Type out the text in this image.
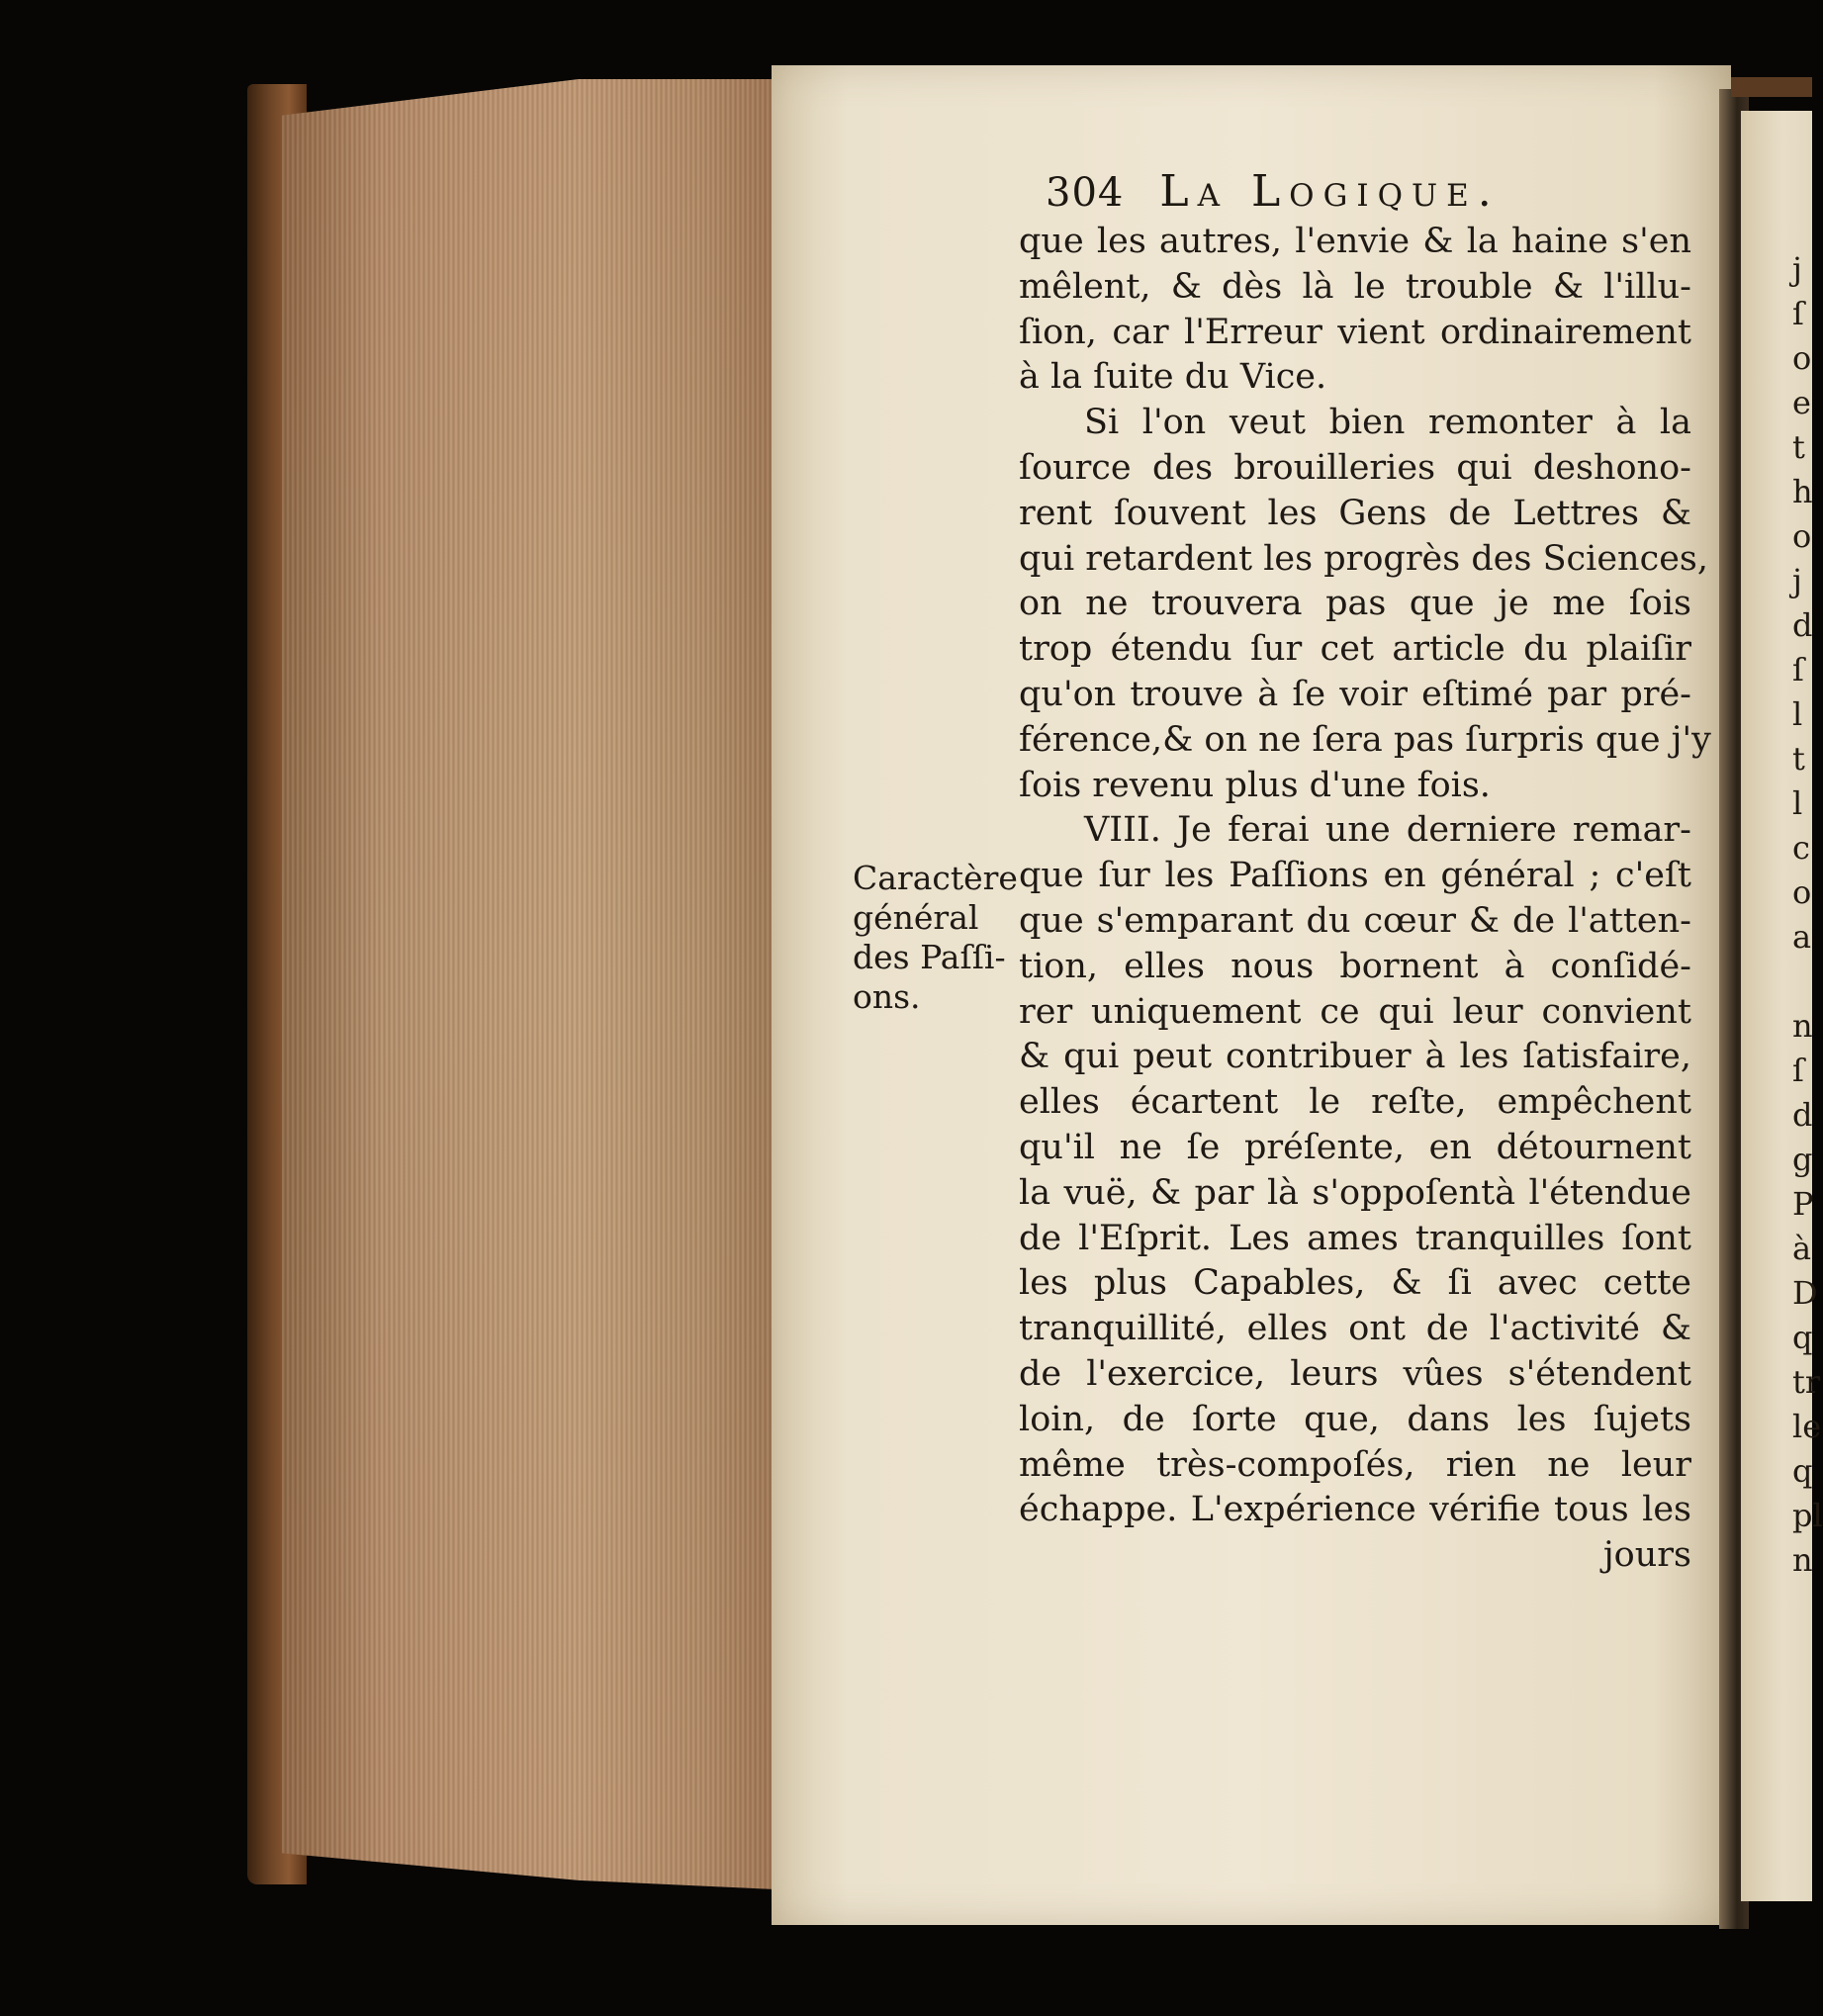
304 La Logique.
Caractère
général
des Paſſi-
ons.
que les autres, l'envie & la haine s'en
mêlent, & dès là le trouble & l'illu-
ſion, car l'Erreur vient ordinairement
à la ſuite du Vice.
Si l'on veut bien remonter à la
ſource des brouilleries qui deshono-
rent ſouvent les Gens de Lettres &
qui retardent les progrès des Sciences,
on ne trouvera pas que je me ſois
trop étendu ſur cet article du plaiſir
qu'on trouve à ſe voir eſtimé par pré-
férence,& on ne ſera pas ſurpris que j'y
ſois revenu plus d'une fois.
VIII. Je ferai une derniere remar-
que ſur les Paſſions en général ; c'eſt
que s'emparant du cœur & de l'atten-
tion, elles nous bornent à conſidé-
rer uniquement ce qui leur convient
& qui peut contribuer à les ſatisfaire,
elles écartent le reſte, empêchent
qu'il ne ſe préſente, en détournent
la vuë, & par là s'oppoſentà l'étendue
de l'Eſprit. Les ames tranquilles ſont
les plus Capables, & ſi avec cette
tranquillité, elles ont de l'activité &
de l'exercice, leurs vûes s'étendent
loin, de ſorte que, dans les ſujets
même très-compoſés, rien ne leur
échappe. L'expérience vérifie tous les
jours
j
ſ
o
e
t
h
o
j
d
ſ
l
t
l
c
o
a

n
ſ
d
g
P
à
D
q
tr
le
q
pl
n
